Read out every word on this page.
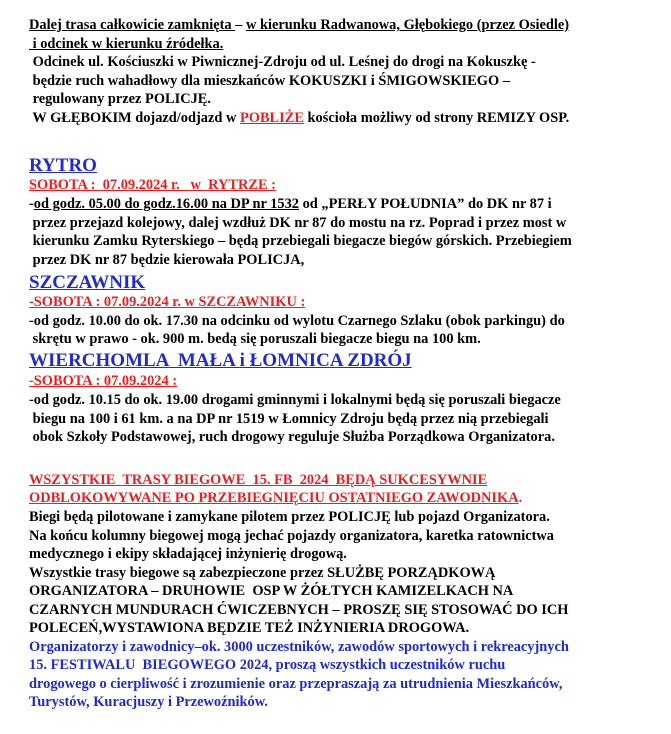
Dalej trasa całkowicie zamknięta – w kierunku Radwanowa, Głębokiego (przez Osiedle)
i odcinek w kierunku źródełka.
Odcinek ul. Kościuszki w Piwnicznej-Zdroju od ul. Leśnej do drogi na Kokuszkę -
będzie ruch wahadłowy dla mieszkańców KOKUSZKI i ŚMIGOWSKIEGO –
regulowany przez POLICJĘ.
W GŁĘBOKIM dojazd/odjazd w POBLIŻE kościoła możliwy od strony REMIZY OSP.
RYTRO
SOBOTA :  07.09.2024 r.   w  RYTRZE :
-od godz. 05.00 do godz.16.00 na DP nr 1532 od „PERŁY POŁUDNIA” do DK nr 87 i
przez przejazd kolejowy, dalej wzdłuż DK nr 87 do mostu na rz. Poprad i przez most w
kierunku Zamku Ryterskiego – będą przebiegali biegacze biegów górskich. Przebiegiem
przez DK nr 87 będzie kierowała POLICJA,
SZCZAWNIK
-SOBOTA : 07.09.2024 r. w SZCZAWNIKU :
-od godz. 10.00 do ok. 17.30 na odcinku od wylotu Czarnego Szlaku (obok parkingu) do
skrętu w prawo - ok. 900 m. bedą się poruszali biegacze biegu na 100 km.
WIERCHOMLA  MAŁA i ŁOMNICA ZDRÓJ
-SOBOTA : 07.09.2024 :
-od godz. 10.15 do ok. 19.00 drogami gminnymi i lokalnymi będą się poruszali biegacze
biegu na 100 i 61 km. a na DP nr 1519 w Łomnicy Zdroju będą przez nią przebiegali
obok Szkoły Podstawowej, ruch drogowy reguluje Służba Porządkowa Organizatora.
WSZYSTKIE  TRASY BIEGOWE  15. FB  2024  BĘDĄ SUKCESYWNIE
ODBLOKOWYWANE PO PRZEBIEGNIĘCIU OSTATNIEGO ZAWODNIKA.
Biegi będą pilotowane i zamykane pilotem przez POLICJĘ lub pojazd Organizatora.
Na końcu kolumny biegowej mogą jechać pojazdy organizatora, karetka ratownictwa
medycznego i ekipy składającej inżynierię drogową.
Wszystkie trasy biegowe są zabezpieczone przez SŁUŻBĘ PORZĄDKOWĄ
ORGANIZATORA – DRUHOWIE  OSP W ŻÓŁTYCH KAMIZELKACH NA
CZARNYCH MUNDURACH ĆWICZEBNYCH – PROSZĘ SIĘ STOSOWAĆ DO ICH
POLECEŃ,WYSTAWIONA BĘDZIE TEŻ INŻYNIERIA DROGOWA.
Organizatorzy i zawodnicy–ok. 3000 uczestników, zawodów sportowych i rekreacyjnych
15. FESTIWALU  BIEGOWEGO 2024, proszą wszystkich uczestników ruchu
drogowego o cierpliwość i zrozumienie oraz przepraszają za utrudnienia Mieszkańców,
Turystów, Kuracjuszy i Przewoźników.
